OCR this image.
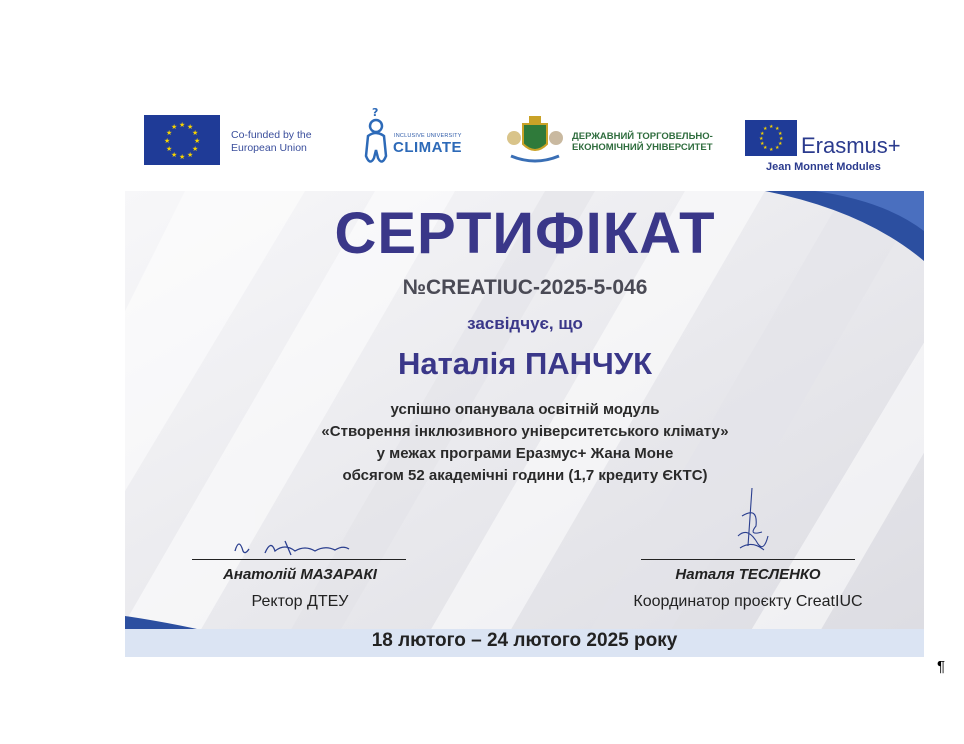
★ ★
★
★
★
★
★
★
★
★
★
★
Co-funded by the
European Union
?
INCLUSIVE UNIVERSITY
CLIMATE
ДЕРЖАВНИЙ ТОРГОВЕЛЬНО-
ЕКОНОМІЧНИЙ УНІВЕРСИТЕТ
★ ★
★
★
★
★
★
★
★
★
★
★
Erasmus+
Jean Monnet Modules
СЕРТИФІКАТ
№CREATIUC-2025-5-046
засвідчує, що
Наталія ПАНЧУК
успішно опанувала освітній модуль
«Створення інклюзивного університетського клімату»
у межах програми Еразмус+ Жана Моне
обсягом 52 академічні години (1,7 кредиту ЄКТС)
Анатолій МАЗАРАКІ
Ректор ДТЕУ
Наталя ТЕСЛЕНКО
Координатор проєкту CreatIUC
18 лютого – 24 лютого 2025 року
¶
